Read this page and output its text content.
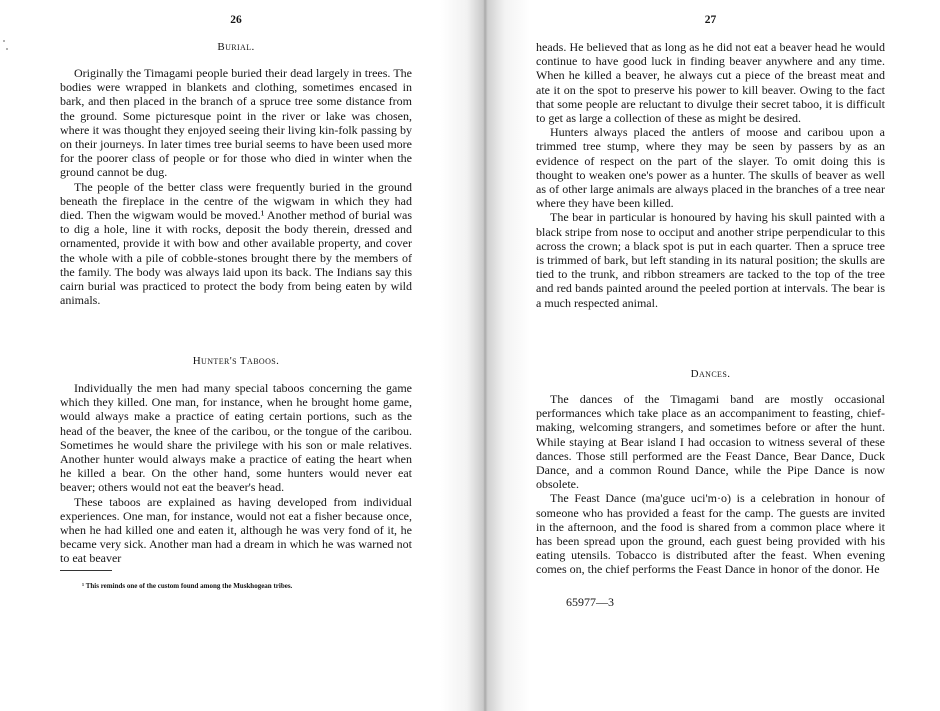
26
Burial.

Originally the Timagami people buried their dead largely in trees. The bodies were wrapped in blankets and clothing, sometimes encased in bark, and then placed in the branch of a spruce tree some distance from the ground. Some picturesque point in the river or lake was chosen, where it was thought they enjoyed seeing their living kin-folk passing by on their journeys. In later times tree burial seems to have been used more for the poorer class of people or for those who died in winter when the ground cannot be dug.

The people of the better class were frequently buried in the ground beneath the fireplace in the centre of the wigwam in which they had died. Then the wigwam would be moved.¹ Another method of burial was to dig a hole, line it with rocks, deposit the body therein, dressed and ornamented, provide it with bow and other available property, and cover the whole with a pile of cobble-stones brought there by the members of the family. The body was always laid upon its back. The Indians say this cairn burial was practiced to protect the body from being eaten by wild animals.

Hunter's Taboos.

Individually the men had many special taboos concerning the game which they killed. One man, for instance, when he brought home game, would always make a practice of eating certain portions, such as the head of the beaver, the knee of the caribou, or the tongue of the caribou. Sometimes he would share the privilege with his son or male relatives. Another hunter would always make a practice of eating the heart when he killed a bear. On the other hand, some hunters would never eat beaver; others would not eat the beaver's head.

These taboos are explained as having developed from individual experiences. One man, for instance, would not eat a fisher because once, when he had killed one and eaten it, although he was very fond of it, he became very sick. Another man had a dream in which he was warned not to eat beaver

¹ This reminds one of the custom found among the Muskhogean tribes.
27

heads. He believed that as long as he did not eat a beaver head he would continue to have good luck in finding beaver anywhere and any time. When he killed a beaver, he always cut a piece of the breast meat and ate it on the spot to preserve his power to kill beaver. Owing to the fact that some people are reluctant to divulge their secret taboo, it is difficult to get as large a collection of these as might be desired.

Hunters always placed the antlers of moose and caribou upon a trimmed tree stump, where they may be seen by passers by as an evidence of respect on the part of the slayer. To omit doing this is thought to weaken one's power as a hunter. The skulls of beaver as well as of other large animals are always placed in the branches of a tree near where they have been killed.

The bear in particular is honoured by having his skull painted with a black stripe from nose to occiput and another stripe perpendicular to this across the crown; a black spot is put in each quarter. Then a spruce tree is trimmed of bark, but left standing in its natural position; the skulls are tied to the trunk, and ribbon streamers are tacked to the top of the tree and red bands painted around the peeled portion at intervals. The bear is a much respected animal.

Dances.

The dances of the Timagami band are mostly occasional performances which take place as an accompaniment to feasting, chief-making, welcoming strangers, and sometimes before or after the hunt. While staying at Bear island I had occasion to witness several of these dances. Those still performed are the Feast Dance, Bear Dance, Duck Dance, and a common Round Dance, while the Pipe Dance is now obsolete.

The Feast Dance (ma'guce uci'm·o) is a celebration in honour of someone who has provided a feast for the camp. The guests are invited in the afternoon, and the food is shared from a common place where it has been spread upon the ground, each guest being provided with his eating utensils. Tobacco is distributed after the feast. When evening comes on, the chief performs the Feast Dance in honor of the donor. He

65977—3
